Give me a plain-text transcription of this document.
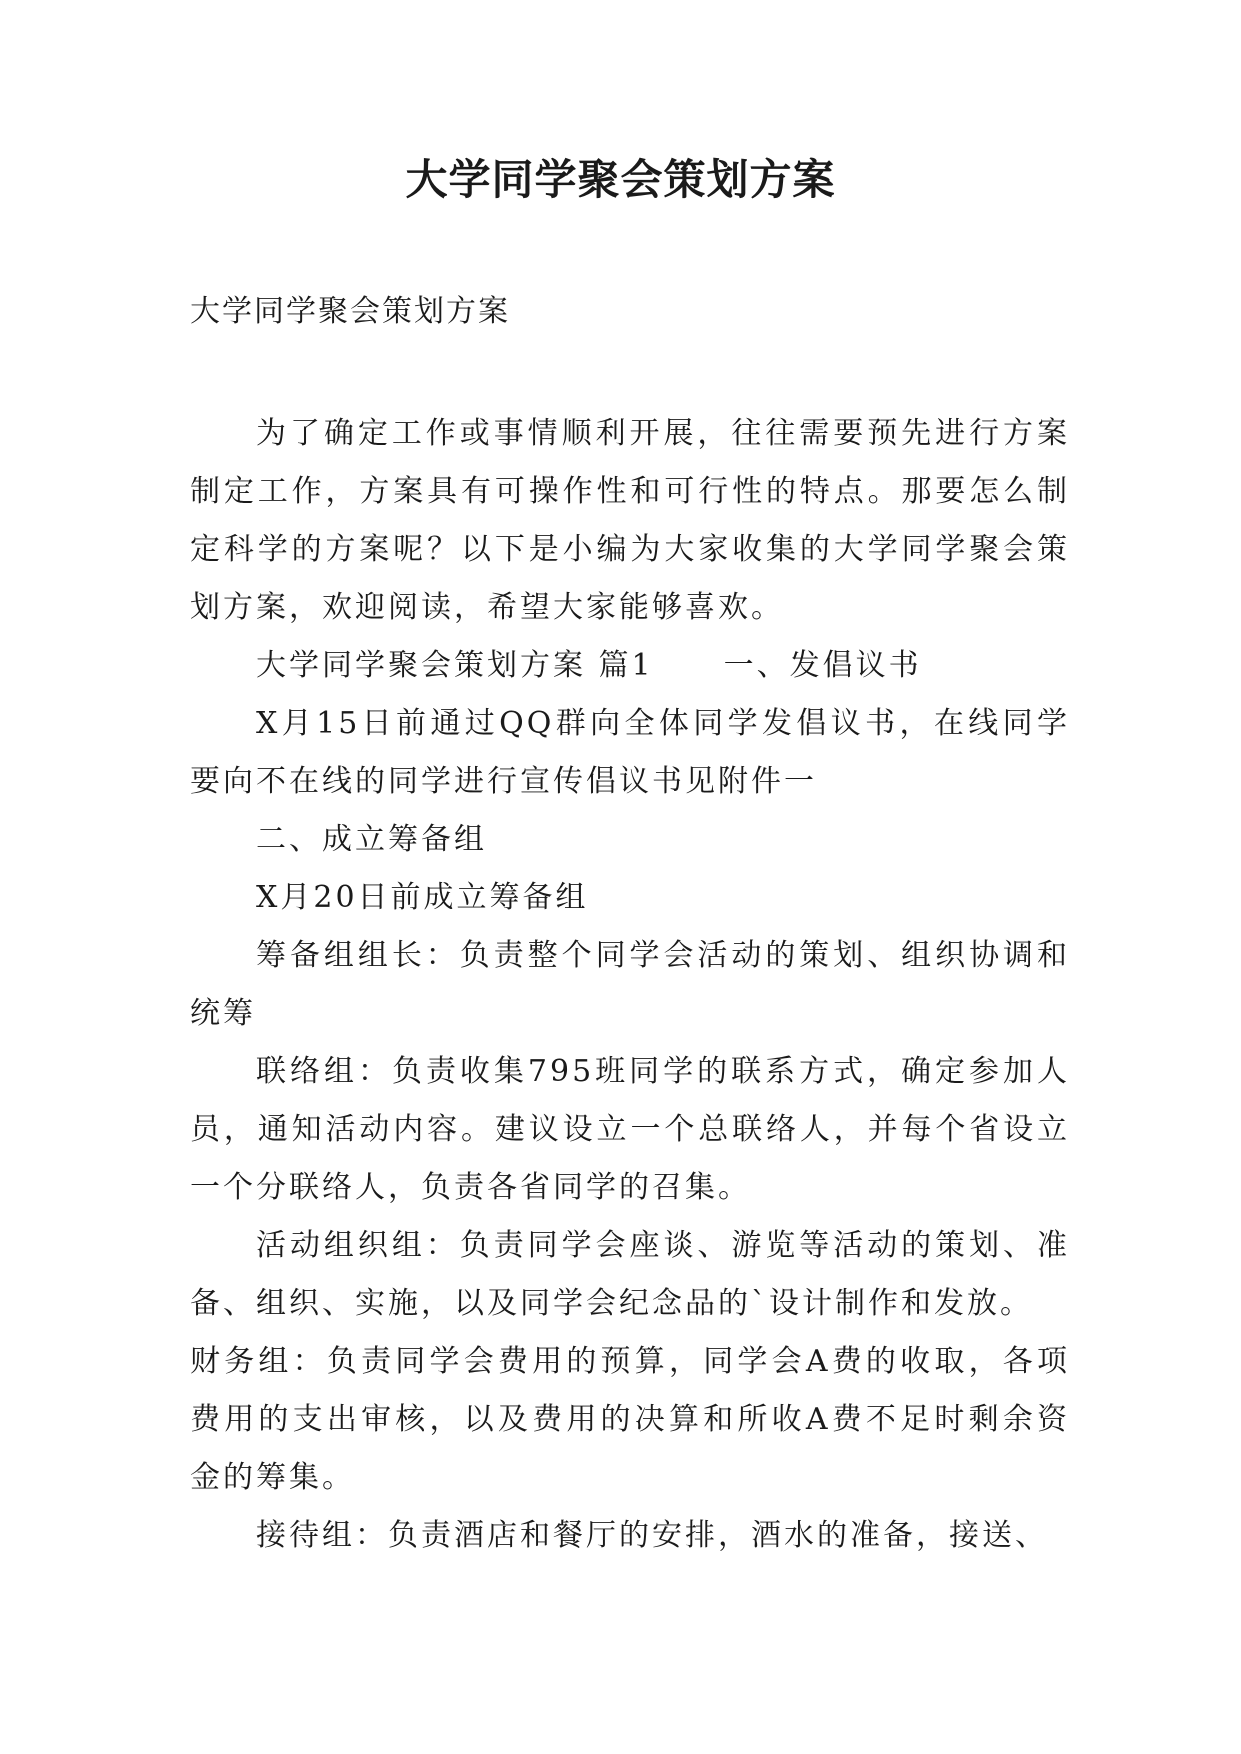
大学同学聚会策划方案

大学同学聚会策划方案

为了确定工作或事情顺利开展，往往需要预先进行方案制定工作，方案具有可操作性和可行性的特点。那要怎么制定科学的方案呢？以下是小编为大家收集的大学同学聚会策划方案，欢迎阅读，希望大家能够喜欢。

大学同学聚会策划方案 篇1 一、发倡议书

X月15日前通过QQ群向全体同学发倡议书，在线同学要向不在线的同学进行宣传倡议书见附件一

二、成立筹备组

X月20日前成立筹备组

筹备组组长：负责整个同学会活动的策划、组织协调和统筹

联络组：负责收集795班同学的联系方式，确定参加人员，通知活动内容。建议设立一个总联络人，并每个省设立一个分联络人，负责各省同学的召集。

活动组织组：负责同学会座谈、游览等活动的策划、准备、组织、实施，以及同学会纪念品的`设计制作和发放。

财务组：负责同学会费用的预算，同学会A费的收取，各项费用的支出审核，以及费用的决算和所收A费不足时剩余资金的筹集。

接待组：负责酒店和餐厅的安排，酒水的准备，接送、
